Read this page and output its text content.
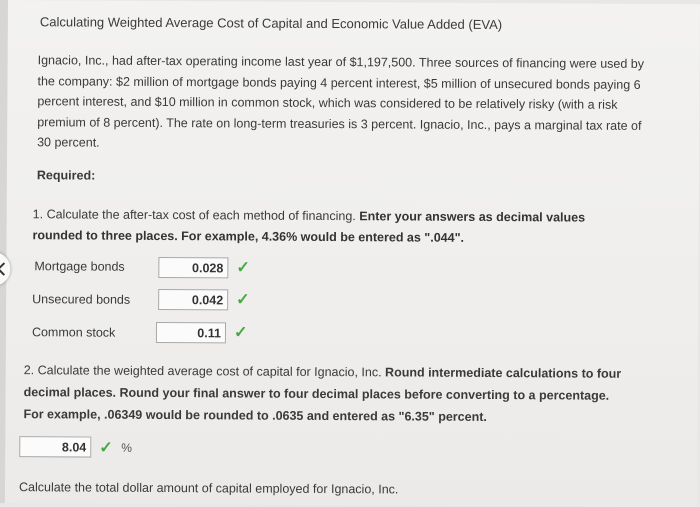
Calculating Weighted Average Cost of Capital and Economic Value Added (EVA)
Ignacio, Inc., had after-tax operating income last year of $1,197,500. Three sources of financing were used by
the company: $2 million of mortgage bonds paying 4 percent interest, $5 million of unsecured bonds paying 6
percent interest, and $10 million in common stock, which was considered to be relatively risky (with a risk
premium of 8 percent). The rate on long-term treasuries is 3 percent. Ignacio, Inc., pays a marginal tax rate of
30 percent.
Required:
1. Calculate the after-tax cost of each method of financing. Enter your answers as decimal values
rounded to three places. For example, 4.36% would be entered as ".044".
Mortgage bonds	0.028 ✓
Unsecured bonds	0.042 ✓
Common stock	0.11 ✓
2. Calculate the weighted average cost of capital for Ignacio, Inc. Round intermediate calculations to four
decimal places. Round your final answer to four decimal places before converting to a percentage.
For example, .06349 would be rounded to .0635 and entered as "6.35" percent.
8.04 ✓ %
Calculate the total dollar amount of capital employed for Ignacio, Inc.
